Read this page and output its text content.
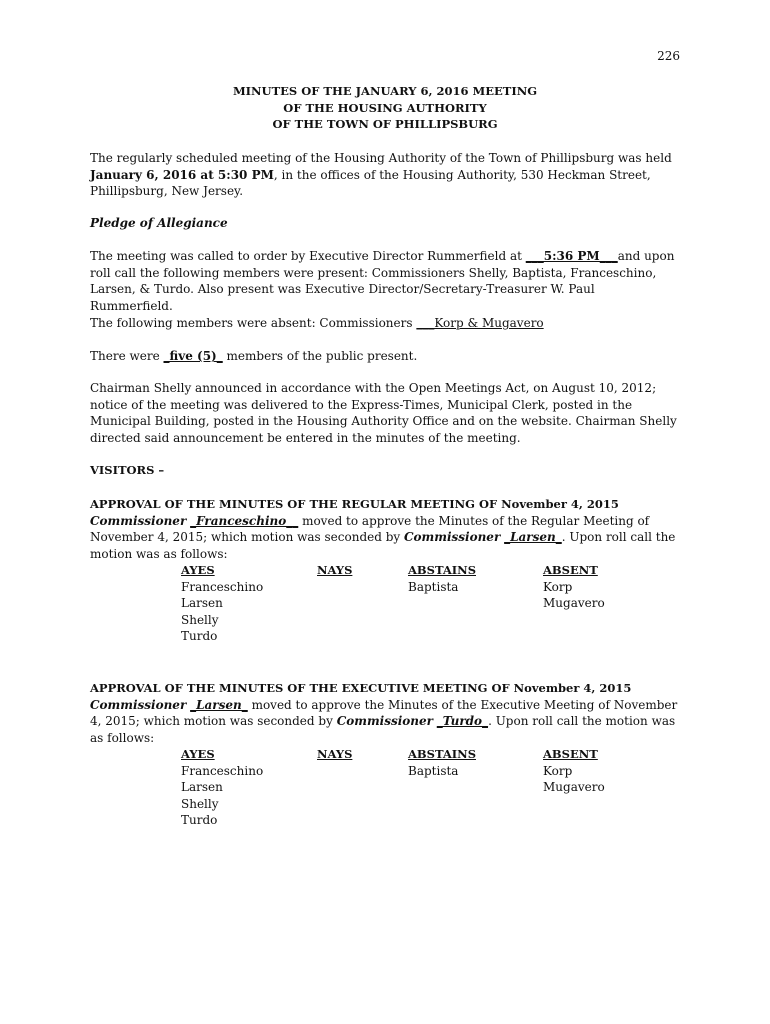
226
MINUTES OF THE JANUARY 6, 2016 MEETING
OF THE HOUSING AUTHORITY
OF THE TOWN OF PHILLIPSBURG
The regularly scheduled meeting of the Housing Authority of the Town of Phillipsburg was held January 6, 2016 at 5:30 PM, in the offices of the Housing Authority, 530 Heckman Street, Phillipsburg, New Jersey.
Pledge of Allegiance
The meeting was called to order by Executive Director Rummerfield at ___5:36 PM___and upon roll call the following members were present: Commissioners Shelly, Baptista, Franceschino, Larsen, & Turdo. Also present was Executive Director/Secretary-Treasurer W. Paul Rummerfield.
The following members were absent: Commissioners ___Korp & Mugavero
There were _five (5)_ members of the public present.
Chairman Shelly announced in accordance with the Open Meetings Act, on August 10, 2012; notice of the meeting was delivered to the Express-Times, Municipal Clerk, posted in the Municipal Building, posted in the Housing Authority Office and on the website. Chairman Shelly directed said announcement be entered in the minutes of the meeting.
VISITORS –
APPROVAL OF THE MINUTES OF THE REGULAR MEETING OF November 4, 2015
Commissioner _Franceschino__ moved to approve the Minutes of the Regular Meeting of November 4, 2015; which motion was seconded by Commissioner _Larsen_. Upon roll call the motion was as follows:
AYES
Franceschino
Larsen
Shelly
Turdo
NAYS	ABSTAINS
Baptista
ABSENT
Korp
Mugavero
APPROVAL OF THE MINUTES OF THE EXECUTIVE MEETING OF November 4, 2015
Commissioner _Larsen_ moved to approve the Minutes of the Executive Meeting of November 4, 2015; which motion was seconded by Commissioner _Turdo_. Upon roll call the motion was as follows:
AYES
Franceschino
Larsen
Shelly
Turdo
NAYS	ABSTAINS
Baptista
ABSENT
Korp
Mugavero
